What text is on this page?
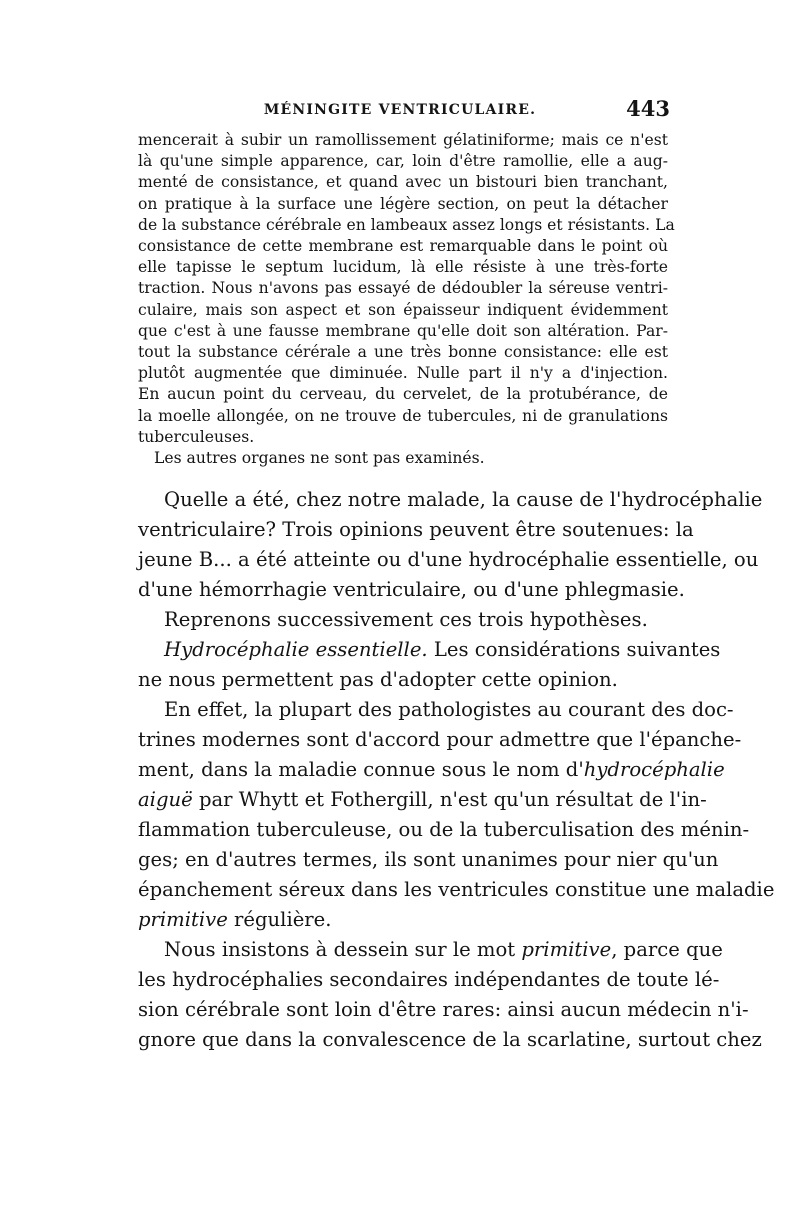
MÉNINGITE VENTRICULAIRE.	443

mencerait à subir un ramollissement gélatiniforme; mais ce n'est
là qu'une simple apparence, car, loin d'être ramollie, elle a aug-
menté de consistance, et quand avec un bistouri bien tranchant,
on pratique à la surface une légère section, on peut la détacher
de la substance cérébrale en lambeaux assez longs et résistants. La
consistance de cette membrane est remarquable dans le point où
elle tapisse le septum lucidum, là elle résiste à une très-forte
traction. Nous n'avons pas essayé de dédoubler la séreuse ventri-
culaire, mais son aspect et son épaisseur indiquent évidemment
que c'est à une fausse membrane qu'elle doit son altération. Par-
tout la substance cérérale a une très bonne consistance: elle est
plutôt augmentée que diminuée. Nulle part il n'y a d'injection.
En aucun point du cerveau, du cervelet, de la protubérance, de
la moelle allongée, on ne trouve de tubercules, ni de granulations
tuberculeuses.
Les autres organes ne sont pas examinés.

Quelle a été, chez notre malade, la cause de l'hydrocéphalie
ventriculaire? Trois opinions peuvent être soutenues: la
jeune B... a été atteinte ou d'une hydrocéphalie essentielle, ou
d'une hémorrhagie ventriculaire, ou d'une phlegmasie.
Reprenons successivement ces trois hypothèses.
Hydrocéphalie essentielle. Les considérations suivantes
ne nous permettent pas d'adopter cette opinion.
En effet, la plupart des pathologistes au courant des doc-
trines modernes sont d'accord pour admettre que l'épanche-
ment, dans la maladie connue sous le nom d'hydrocéphalie
aiguë par Whytt et Fothergill, n'est qu'un résultat de l'in-
flammation tuberculeuse, ou de la tuberculisation des ménin-
ges; en d'autres termes, ils sont unanimes pour nier qu'un
épanchement séreux dans les ventricules constitue une maladie
primitive régulière.
Nous insistons à dessein sur le mot primitive, parce que
les hydrocéphalies secondaires indépendantes de toute lé-
sion cérébrale sont loin d'être rares: ainsi aucun médecin n'i-
gnore que dans la convalescence de la scarlatine, surtout chez
